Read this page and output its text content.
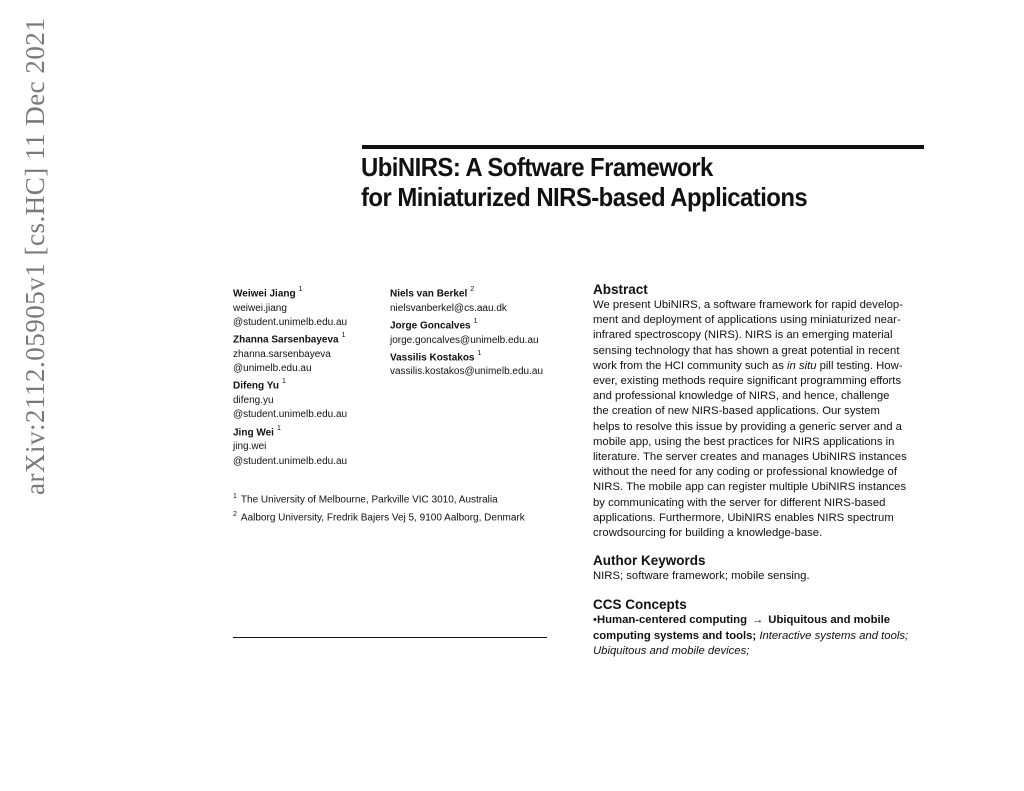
arXiv:2112.05905v1 [cs.HC] 11 Dec 2021	UbiNIRS: A Software Framework
for Miniaturized NIRS-based Applications
Weiwei Jiang $^1$
weiwei.jiang
@student.unimelb.edu.au
Zhanna Sarsenbayeva $^1$
zhanna.sarsenbayeva
@unimelb.edu.au
Difeng Yu $^1$
difeng.yu
@student.unimelb.edu.au
Jing Wei $^1$
jing.wei
@student.unimelb.edu.au
Niels van Berkel $^2$
nielsvanberkel@cs.aau.dk
Jorge Goncalves $^1$
jorge.goncalves@unimelb.edu.au
Vassilis Kostakos $^1$
vassilis.kostakos@unimelb.edu.au
$^1$ The University of Melbourne, Parkville VIC 3010, Australia
$^2$ Aalborg University, Fredrik Bajers Vej 5, 9100 Aalborg, Denmark
Abstract
We present UbiNIRS, a software framework for rapid develop-
ment and deployment of applications using miniaturized near-
infrared spectroscopy (NIRS). NIRS is an emerging material
sensing technology that has shown a great potential in recent
work from the HCI community such as in situ pill testing. How-
ever, existing methods require significant programming efforts
and professional knowledge of NIRS, and hence, challenge
the creation of new NIRS-based applications. Our system
helps to resolve this issue by providing a generic server and a
mobile app, using the best practices for NIRS applications in
literature. The server creates and manages UbiNIRS instances
without the need for any coding or professional knowledge of
NIRS. The mobile app can register multiple UbiNIRS instances
by communicating with the server for different NIRS-based
applications. Furthermore, UbiNIRS enables NIRS spectrum
crowdsourcing for building a knowledge-base.
Author Keywords

NIRS; software framework; mobile sensing.

CCS Concepts
•Human-centered computing → Ubiquitous and mobile
computing systems and tools; Interactive systems and tools;
Ubiquitous and mobile devices;
